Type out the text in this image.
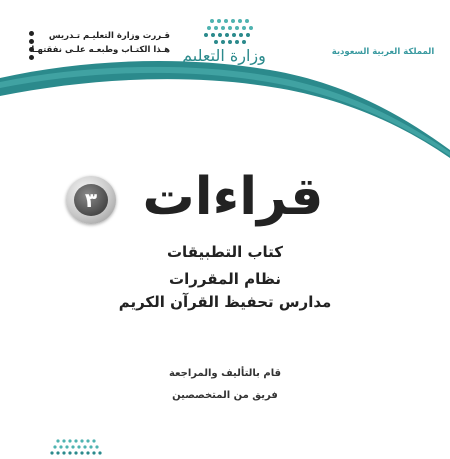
قـررت وزارة التعليـم تـدريس
هـذا الكتـاب وطبعـه علـى نفقتهـا وزارة التعليم	المملكة العربية السعودية
قراءات
٣
كتاب التطبيقات
نظام المقررات
مدارس تحفيظ القرآن الكريم
قام بالتأليف والمراجعة
فريق من المتخصصين
